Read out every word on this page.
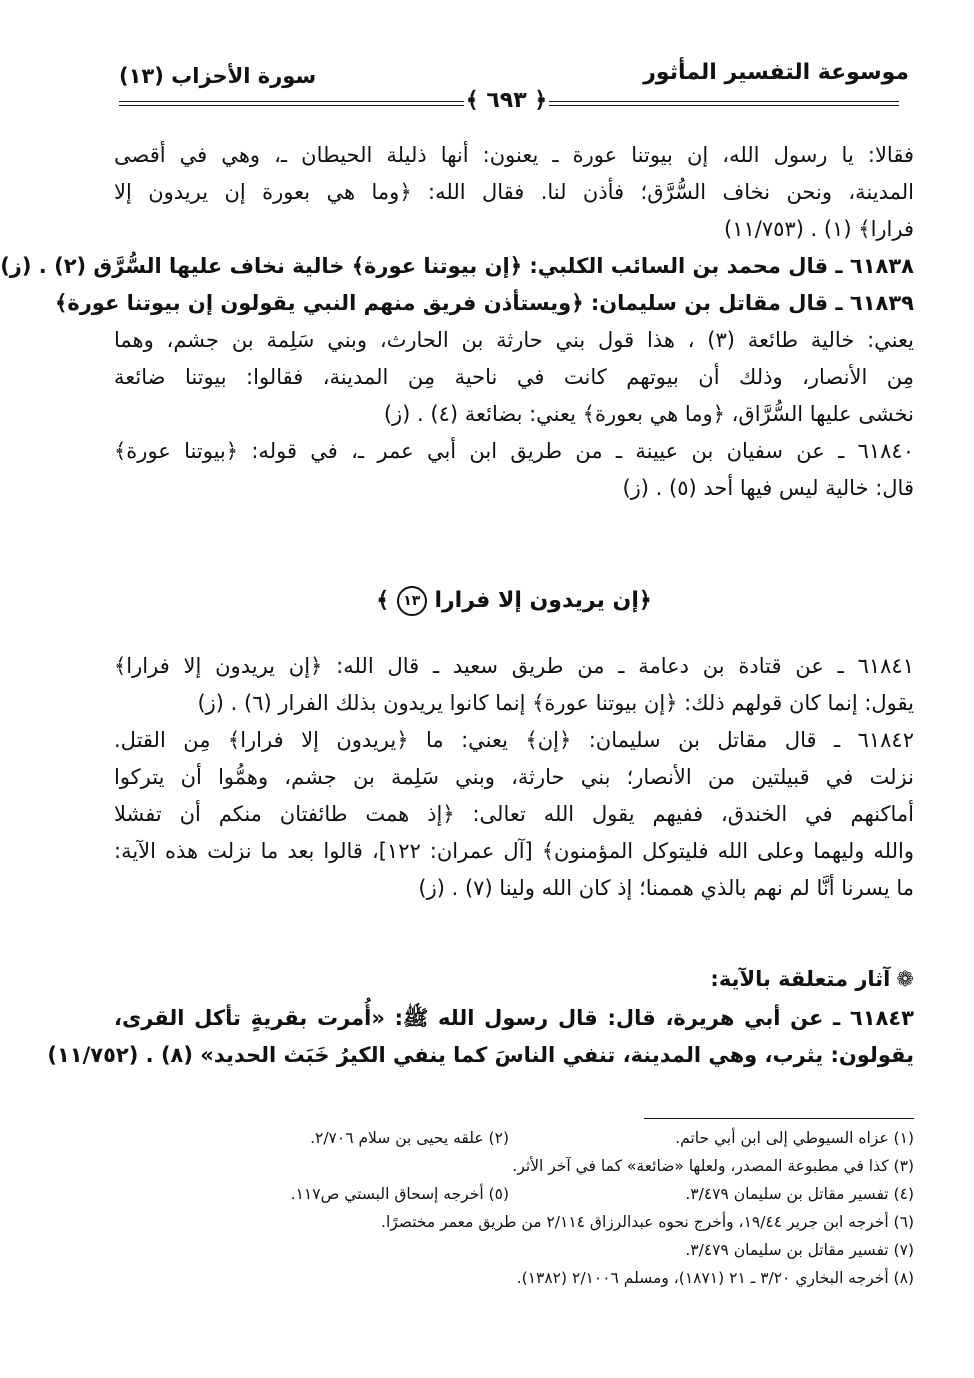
موسوعة التفسير المأثور
سورة الأحزاب (١٣)
﴿ ٦٩٣ ﴾
فقالا: يا رسول الله، إن بيوتنا عورة ـ يعنون: أنها ذليلة الحيطان ـ، وهي في أقصى
المدينة، ونحن نخاف السُّرَّق؛ فأذن لنا. فقال الله: ﴿وما هي بعورة إن يريدون إلا
فرارا﴾ (١) . (١١/٧٥٣)
٦١٨٣٨ ـ قال محمد بن السائب الكلبي: ﴿إن بيوتنا عورة﴾ خالية نخاف عليها السُّرَّق (٢) . (ز)
٦١٨٣٩ ـ قال مقاتل بن سليمان: ﴿ويستأذن فريق منهم النبي يقولون إن بيوتنا عورة﴾
يعني: خالية طائعة (٣) ، هذا قول بني حارثة بن الحارث، وبني سَلِمة بن جشم، وهما
مِن الأنصار، وذلك أن بيوتهم كانت في ناحية مِن المدينة، فقالوا: بيوتنا ضائعة
نخشى عليها السُّرَّاق، ﴿وما هي بعورة﴾ يعني: بضائعة (٤) . (ز)
٦١٨٤٠ ـ عن سفيان بن عيينة ـ من طريق ابن أبي عمر ـ، في قوله: ﴿بيوتنا عورة﴾
قال: خالية ليس فيها أحد (٥) . (ز)
﴿إن يريدون إلا فرارا ١٣ ﴾
٦١٨٤١ ـ عن قتادة بن دعامة ـ من طريق سعيد ـ قال الله: ﴿إن يريدون إلا فرارا﴾
يقول: إنما كان قولهم ذلك: ﴿إن بيوتنا عورة﴾ إنما كانوا يريدون بذلك الفرار (٦) . (ز)
٦١٨٤٢ ـ قال مقاتل بن سليمان: ﴿إن﴾ يعني: ما ﴿يريدون إلا فرارا﴾ مِن القتل.
نزلت في قبيلتين من الأنصار؛ بني حارثة، وبني سَلِمة بن جشم، وهمُّوا أن يتركوا
أماكنهم في الخندق، ففيهم يقول الله تعالى: ﴿إذ همت طائفتان منكم أن تفشلا
والله وليهما وعلى الله فليتوكل المؤمنون﴾ [آل عمران: ١٢٢]، قالوا بعد ما نزلت هذه الآية:
ما يسرنا أنَّا لم نهم بالذي هممنا؛ إذ كان الله ولينا (٧) . (ز)
❁آثار متعلقة بالآية:
٦١٨٤٣ ـ عن أبي هريرة، قال: قال رسول الله ﷺ: «أُمرت بقريةٍ تأكل القرى،
يقولون: يثرب، وهي المدينة، تنفي الناسَ كما ينفي الكيرُ خَبَث الحديد» (٨) . (١١/٧٥٢)
(١) عزاه السيوطي إلى ابن أبي حاتم.
(٢) علقه يحيى بن سلام ٢/٧٠٦.
(٣) كذا في مطبوعة المصدر، ولعلها «ضائعة» كما في آخر الأثر.
(٤) تفسير مقاتل بن سليمان ٣/٤٧٩.
(٥) أخرجه إسحاق البستي ص١١٧.
(٦) أخرجه ابن جرير ١٩/٤٤، وأخرج نحوه عبدالرزاق ٢/١١٤ من طريق معمر مختصرًا.
(٧) تفسير مقاتل بن سليمان ٣/٤٧٩.
(٨) أخرجه البخاري ٣/٢٠ ـ ٢١ (١٨٧١)، ومسلم ٢/١٠٠٦ (١٣٨٢).
